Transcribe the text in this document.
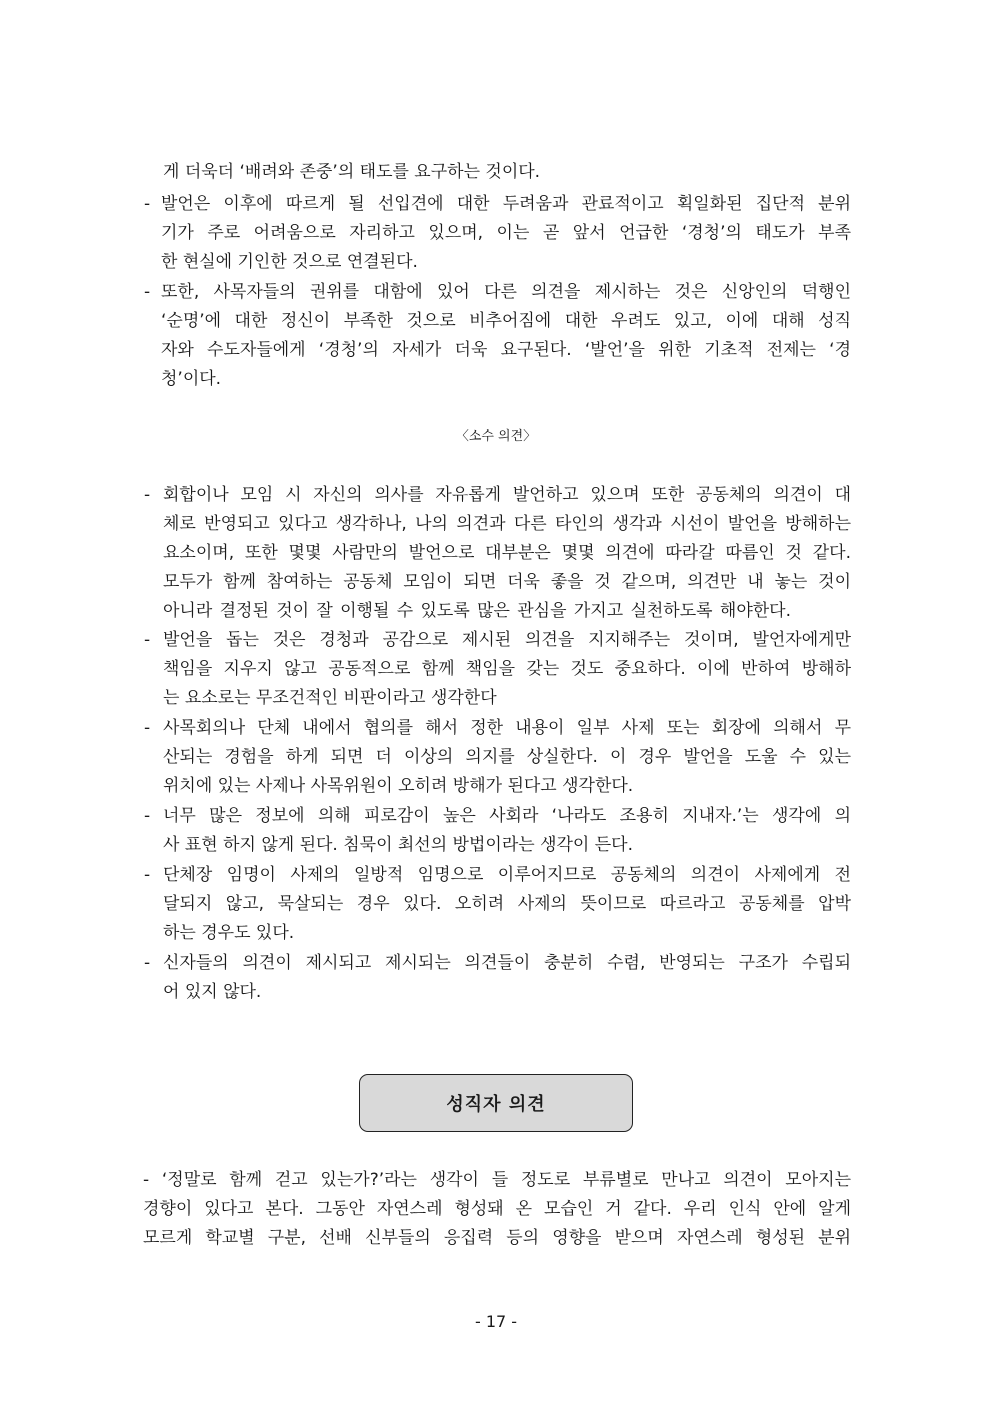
게 더욱더 ‘배려와 존중’의 태도를 요구하는 것이다.
- 발언은 이후에 따르게 될 선입견에 대한 두려움과 관료적이고 획일화된 집단적 분위
기가 주로 어려움으로 자리하고 있으며, 이는 곧 앞서 언급한 ‘경청’의 태도가 부족
한 현실에 기인한 것으로 연결된다.
- 또한, 사목자들의 권위를 대함에 있어 다른 의견을 제시하는 것은 신앙인의 덕행인
‘순명’에 대한 정신이 부족한 것으로 비추어짐에 대한 우려도 있고, 이에 대해 성직
자와 수도자들에게 ‘경청’의 자세가 더욱 요구된다. ‘발언’을 위한 기초적 전제는 ‘경
청’이다.
〈소수 의견〉
- 회합이나 모임 시 자신의 의사를 자유롭게 발언하고 있으며 또한 공동체의 의견이 대
체로 반영되고 있다고 생각하나, 나의 의견과 다른 타인의 생각과 시선이 발언을 방해하는
요소이며, 또한 몇몇 사람만의 발언으로 대부분은 몇몇 의견에 따라갈 따름인 것 같다.
모두가 함께 참여하는 공동체 모임이 되면 더욱 좋을 것 같으며, 의견만 내 놓는 것이
아니라 결정된 것이 잘 이행될 수 있도록 많은 관심을 가지고 실천하도록 해야한다.
- 발언을 돕는 것은 경청과 공감으로 제시된 의견을 지지해주는 것이며, 발언자에게만
책임을 지우지 않고 공동적으로 함께 책임을 갖는 것도 중요하다. 이에 반하여 방해하
는 요소로는 무조건적인 비판이라고 생각한다
- 사목회의나 단체 내에서 협의를 해서 정한 내용이 일부 사제 또는 회장에 의해서 무
산되는 경험을 하게 되면 더 이상의 의지를 상실한다. 이 경우 발언을 도울 수 있는
위치에 있는 사제나 사목위원이 오히려 방해가 된다고 생각한다.
- 너무 많은 정보에 의해 피로감이 높은 사회라 ‘나라도 조용히 지내자.’는 생각에 의
사 표현 하지 않게 된다. 침묵이 최선의 방법이라는 생각이 든다.
- 단체장 임명이 사제의 일방적 임명으로 이루어지므로 공동체의 의견이 사제에게 전
달되지 않고, 묵살되는 경우 있다. 오히려 사제의 뜻이므로 따르라고 공동체를 압박
하는 경우도 있다.
- 신자들의 의견이 제시되고 제시되는 의견들이 충분히 수렴, 반영되는 구조가 수립되
어 있지 않다.
성직자 의견
- ‘정말로 함께 걷고 있는가?’라는 생각이 들 정도로 부류별로 만나고 의견이 모아지는
경향이 있다고 본다. 그동안 자연스레 형성돼 온 모습인 거 같다. 우리 인식 안에 알게
모르게 학교별 구분, 선배 신부들의 응집력 등의 영향을 받으며 자연스레 형성된 분위
- 17 -
